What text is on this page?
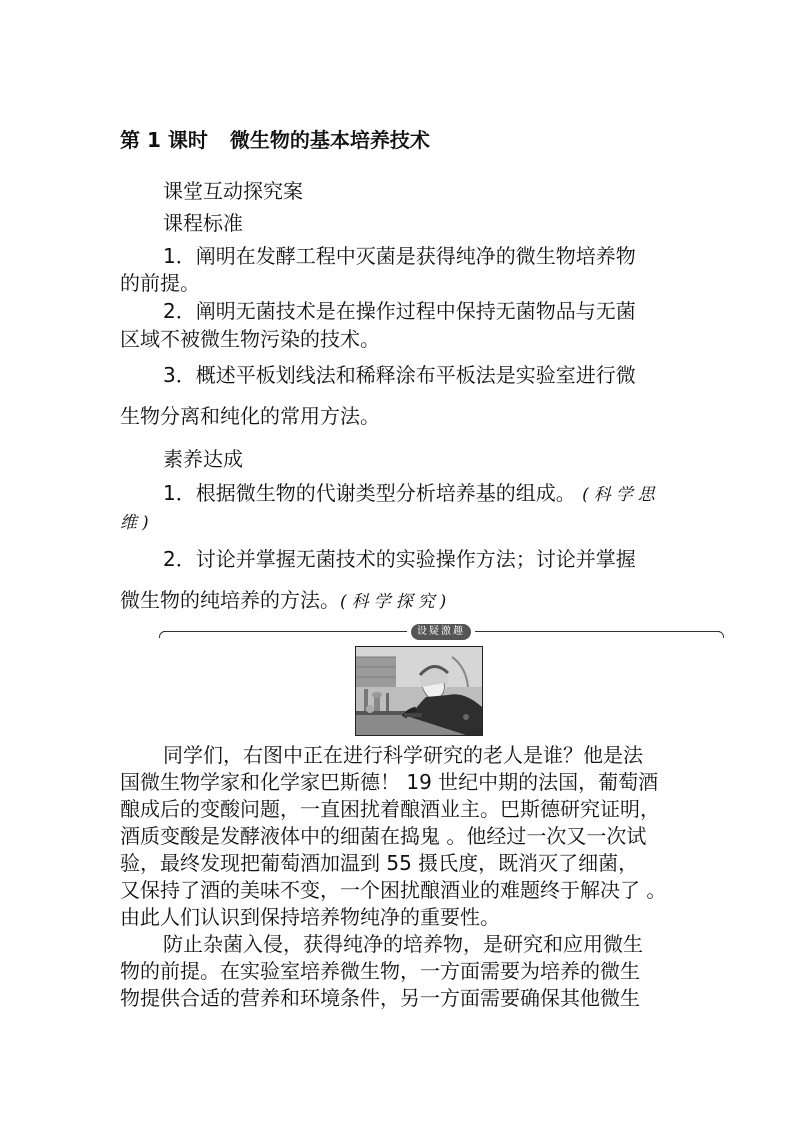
第 1 课时 微生物的基本培养技术
课堂互动探究案
课程标准
1．阐明在发酵工程中灭菌是获得纯净的微生物培养物
的前提。
2．阐明无菌技术是在操作过程中保持无菌物品与无菌
区域不被微生物污染的技术。
3．概述平板划线法和稀释涂布平板法是实验室进行微
生物分离和纯化的常用方法。
素养达成
1．根据微生物的代谢类型分析培养基的组成。 (科学思
维)
2．讨论并掌握无菌技术的实验操作方法；讨论并掌握
微生物的纯培养的方法。(科学探究)
设疑激趣
同学们，右图中正在进行科学研究的老人是谁？他是法
国微生物学家和化学家巴斯德！ 19 世纪中期的法国，葡萄酒
酿成后的变酸问题，一直困扰着酿酒业主。巴斯德研究证明，
酒质变酸是发酵液体中的细菌在捣鬼 。他经过一次又一次试
验，最终发现把葡萄酒加温到 55 摄氏度，既消灭了细菌，
又保持了酒的美味不变，一个困扰酿酒业的难题终于解决了 。
由此人们认识到保持培养物纯净的重要性。
防止杂菌入侵，获得纯净的培养物，是研究和应用微生
物的前提。在实验室培养微生物，一方面需要为培养的微生
物提供合适的营养和环境条件，另一方面需要确保其他微生
